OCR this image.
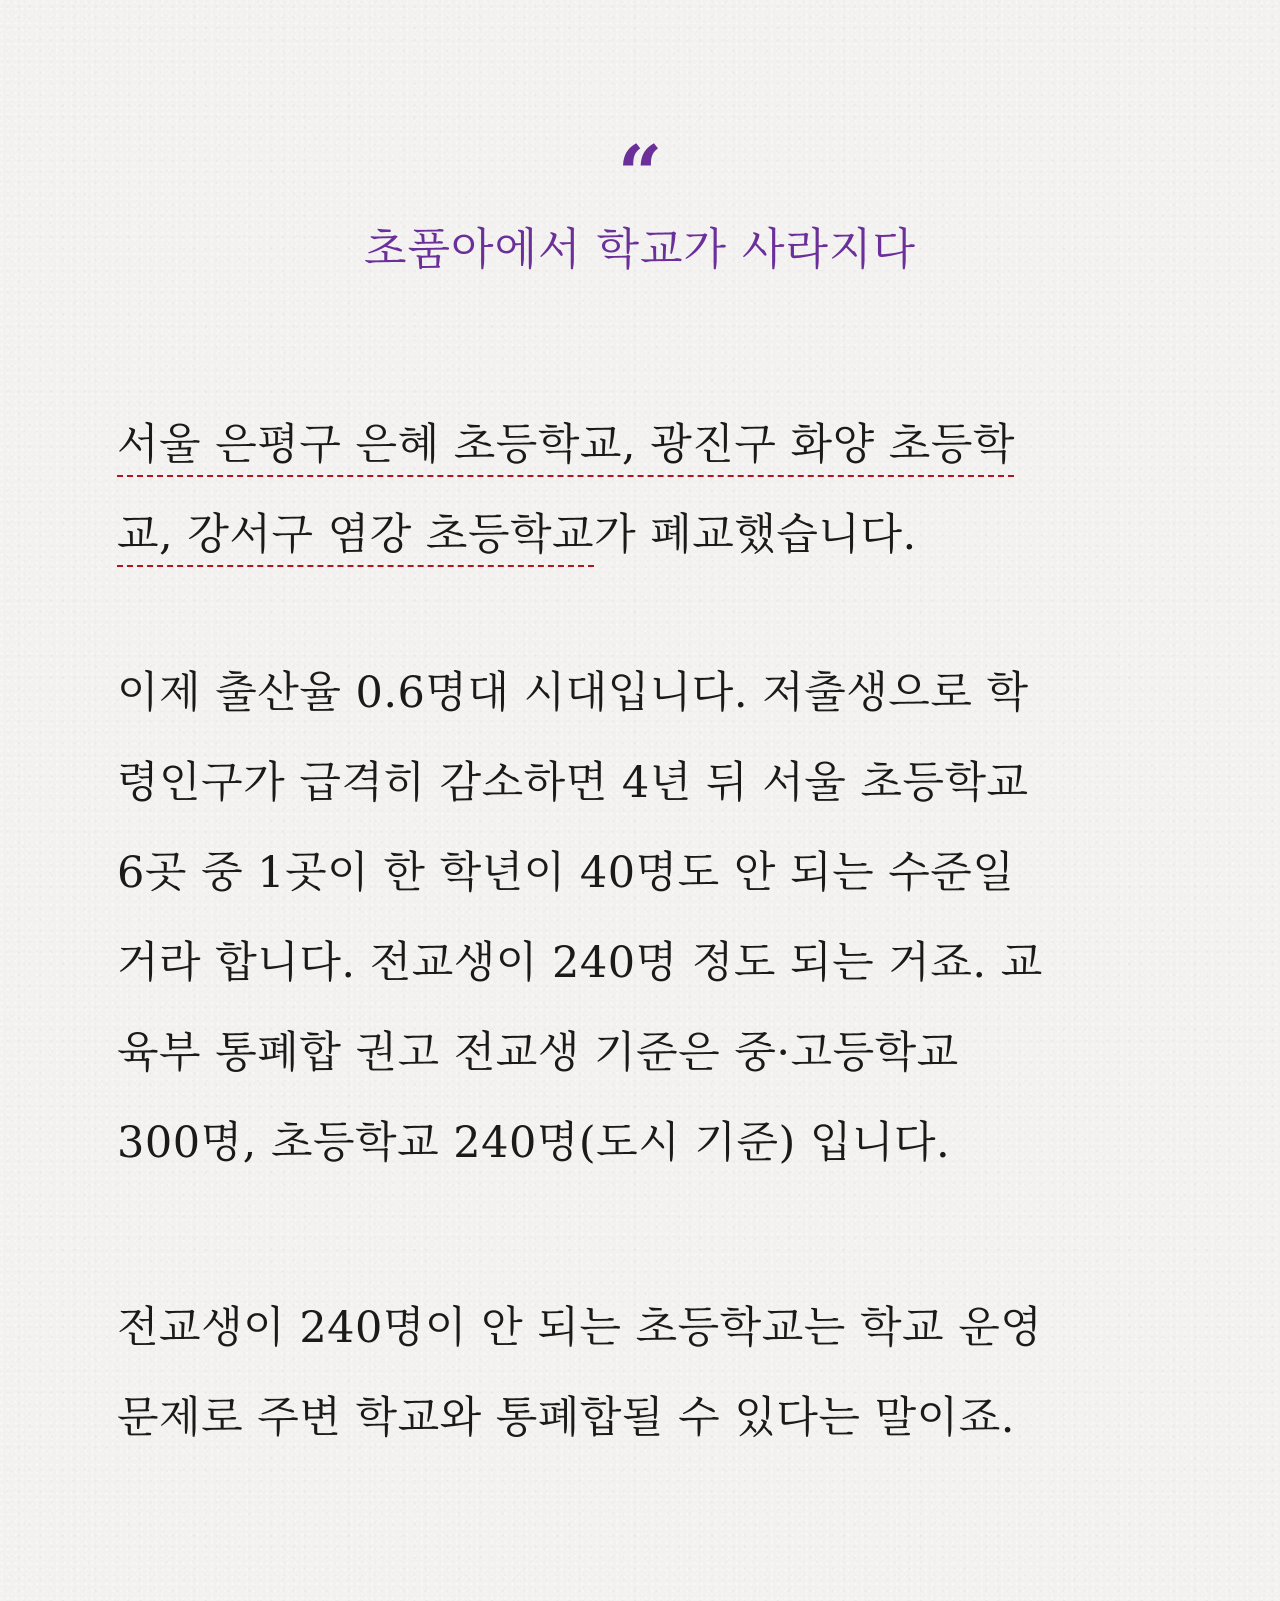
“
초품아에서 학교가 사라지다

서울 은평구 은혜 초등학교, 광진구 화양 초등학
교, 강서구 염강 초등학교가 폐교했습니다.

이제 출산율 0.6명대 시대입니다. 저출생으로 학
령인구가 급격히 감소하면 4년 뒤 서울 초등학교
6곳 중 1곳이 한 학년이 40명도 안 되는 수준일
거라 합니다. 전교생이 240명 정도 되는 거죠. 교
육부 통폐합 권고 전교생 기준은 중·고등학교
300명, 초등학교 240명(도시 기준) 입니다.

전교생이 240명이 안 되는 초등학교는 학교 운영
문제로 주변 학교와 통폐합될 수 있다는 말이죠.
